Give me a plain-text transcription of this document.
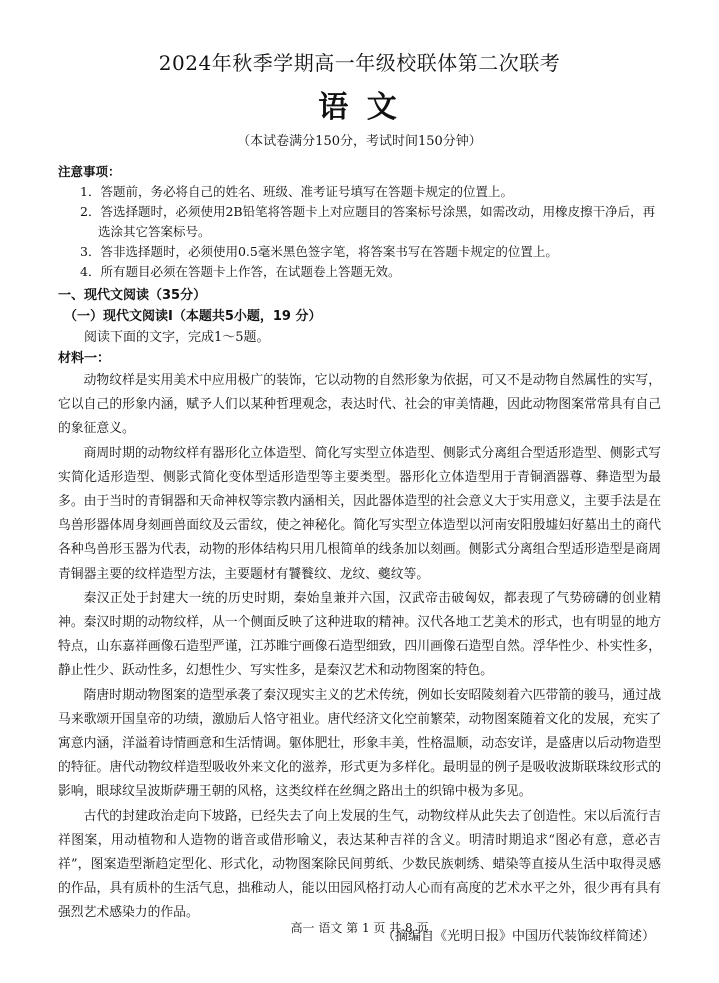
2024年秋季学期高一年级校联体第二次联考
语 文
（本试卷满分150分，考试时间150分钟）
注意事项：
1．答题前，务必将自己的姓名、班级、准考证号填写在答题卡规定的位置上。
2．答选择题时，必须使用2B铅笔将答题卡上对应题目的答案标号涂黑，如需改动，用橡皮擦干净后，再选涂其它答案标号。
3．答非选择题时，必须使用0.5毫米黑色签字笔，将答案书写在答题卡规定的位置上。
4．所有题目必须在答题卡上作答，在试题卷上答题无效。
一、现代文阅读（35分）
（一）现代文阅读Ⅰ（本题共5小题，19 分）

阅读下面的文字，完成1～5题。

材料一：

动物纹样是实用美术中应用极广的装饰，它以动物的自然形象为依据，可又不是动物自然属性的实写，它以自己的形象内涵，赋予人们以某种哲理观念，表达时代、社会的审美情趣，因此动物图案常常具有自己的象征意义。

商周时期的动物纹样有器形化立体造型、简化写实型立体造型、侧影式分离组合型适形造型、侧影式写实简化适形造型、侧影式简化变体型适形造型等主要类型。器形化立体造型用于青铜酒器尊、彝造型为最多。由于当时的青铜器和天命神权等宗教内涵相关，因此器体造型的社会意义大于实用意义，主要手法是在鸟兽形器体周身刻画兽面纹及云雷纹，使之神秘化。简化写实型立体造型以河南安阳殷墟妇好墓出土的商代各种鸟兽形玉器为代表，动物的形体结构只用几根简单的线条加以刻画。侧影式分离组合型适形造型是商周青铜器主要的纹样造型方法，主要题材有饕餮纹、龙纹、夔纹等。

秦汉正处于封建大一统的历史时期，秦始皇兼并六国，汉武帝击破匈奴，都表现了气势磅礴的创业精神。秦汉时期的动物纹样，从一个侧面反映了这种进取的精神。汉代各地工艺美术的形式，也有明显的地方特点，山东嘉祥画像石造型严谨，江苏睢宁画像石造型细致，四川画像石造型自然。浮华性少、朴实性多，静止性少、跃动性多，幻想性少、写实性多，是秦汉艺术和动物图案的特色。

隋唐时期动物图案的造型承袭了秦汉现实主义的艺术传统，例如长安昭陵刻着六匹带箭的骏马，通过战马来歌颂开国皇帝的功绩，激励后人恪守祖业。唐代经济文化空前繁荣，动物图案随着文化的发展，充实了寓意内涵，洋溢着诗情画意和生活情调。躯体肥壮，形象丰美，性格温顺，动态安详，是盛唐以后动物造型的特征。唐代动物纹样造型吸收外来文化的滋养，形式更为多样化。最明显的例子是吸收波斯联珠纹形式的影响，眼球纹呈波斯萨珊王朝的风格，这类纹样在丝绸之路出土的织锦中极为多见。

古代的封建政治走向下坡路，已经失去了向上发展的生气，动物纹样从此失去了创造性。宋以后流行吉祥图案，用动植物和人造物的谐音或借形喻义，表达某种吉祥的含义。明清时期追求“图必有意，意必吉祥”，图案造型渐趋定型化、形式化，动物图案除民间剪纸、少数民族刺绣、蜡染等直接从生活中取得灵感的作品，具有质朴的生活气息，拙稚动人，能以田园风格打动人心而有高度的艺术水平之外，很少再有具有强烈艺术感染力的作品。

（摘编自《光明日报》中国历代装饰纹样简述）

高一 语文 第 1 页 共 8 页
